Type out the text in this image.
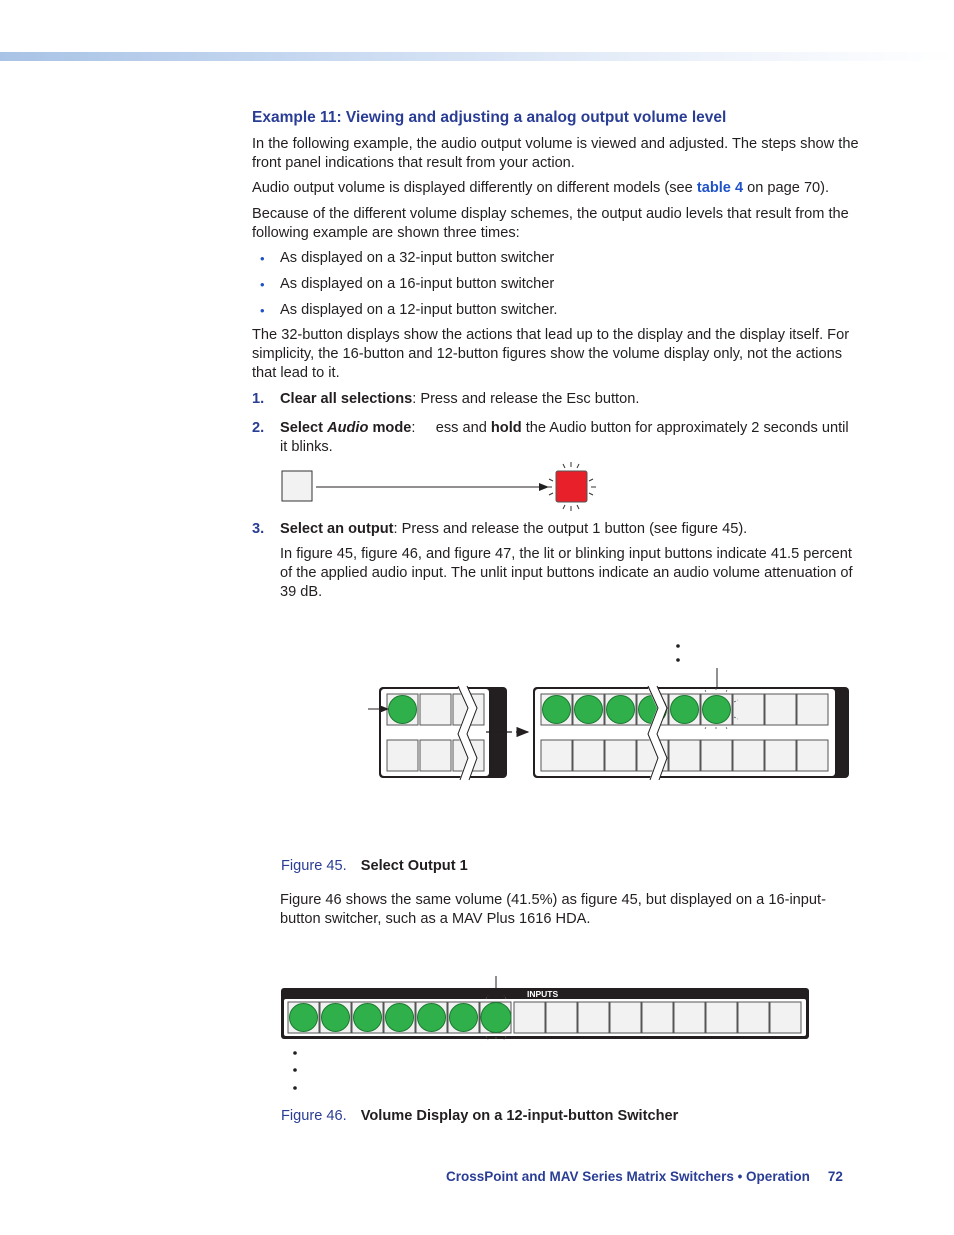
Example 11: Viewing and adjusting a analog output volume level

In the following example, the audio output volume is viewed and adjusted. The steps show the front panel indications that result from your action.

Audio output volume is displayed differently on different models (see table 4 on page 70).

Because of the different volume display schemes, the output audio levels that result from the following example are shown three times:

• As displayed on a 32-input button switcher

• As displayed on a 16-input button switcher

• As displayed on a 12-input button switcher.

The 32-button displays show the actions that lead up to the display and the display itself. For simplicity, the 16-button and 12-button figures show the volume display only, not the actions that lead to it.

1. Clear all selections: Press and release the Esc button.

2. Select Audio mode:     ess and hold the Audio button for approximately 2 seconds until it blinks.

3. Select an output: Press and release the output 1 button (see figure 45).

In figure 45, figure 46, and figure 47, the lit or blinking input buttons indicate 41.5 percent of the applied audio input. The unlit input buttons indicate an audio volume attenuation of 39 dB.

Figure 45. Select Output 1

Figure 46 shows the same volume (41.5%) as figure 45, but displayed on a 16-input-button switcher, such as a MAV Plus 1616 HDA.

Figure 46. Volume Display on a 12-input-button Switcher
CrossPoint and MAV Series Matrix Switchers • Operation 72
INPUTS
